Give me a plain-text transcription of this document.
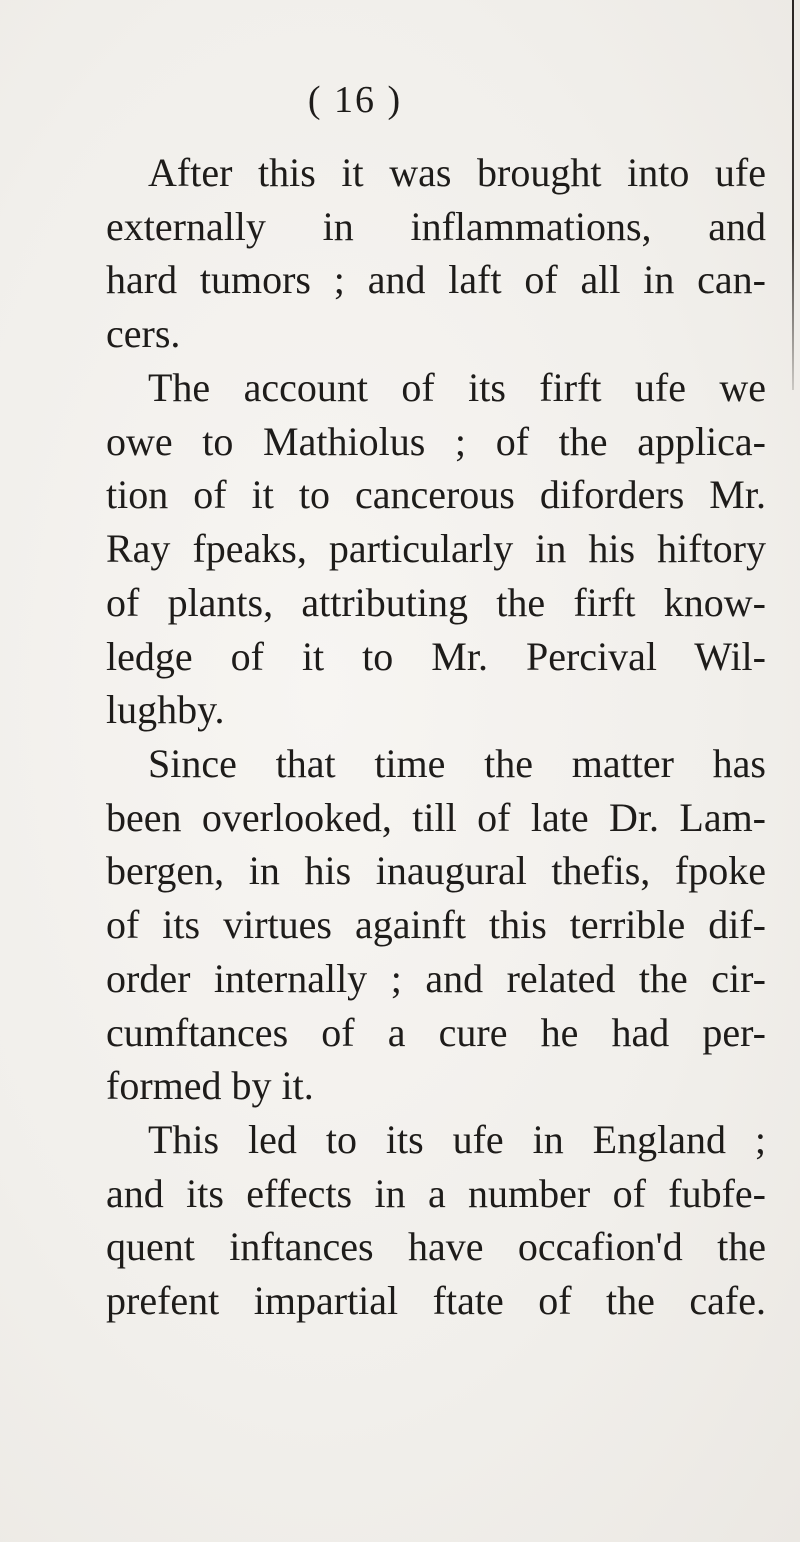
( 16 )
After this it was brought into ufe
externally in inflammations, and
hard tumors ; and laft of all in can-
cers.
The account of its firft ufe we
owe to Mathiolus ; of the applica-
tion of it to cancerous diforders Mr.
Ray fpeaks, particularly in his hiftory
of plants, attributing the firft know-
ledge of it to Mr. Percival Wil-
lughby.
Since that time the matter has
been overlooked, till of late Dr. Lam-
bergen, in his inaugural thefis, fpoke
of its virtues againft this terrible dif-
order internally ; and related the cir-
cumftances of a cure he had per-
formed by it.
This led to its ufe in England ;
and its effects in a number of fubfe-
quent inftances have occafion'd the
prefent impartial ftate of the cafe.
